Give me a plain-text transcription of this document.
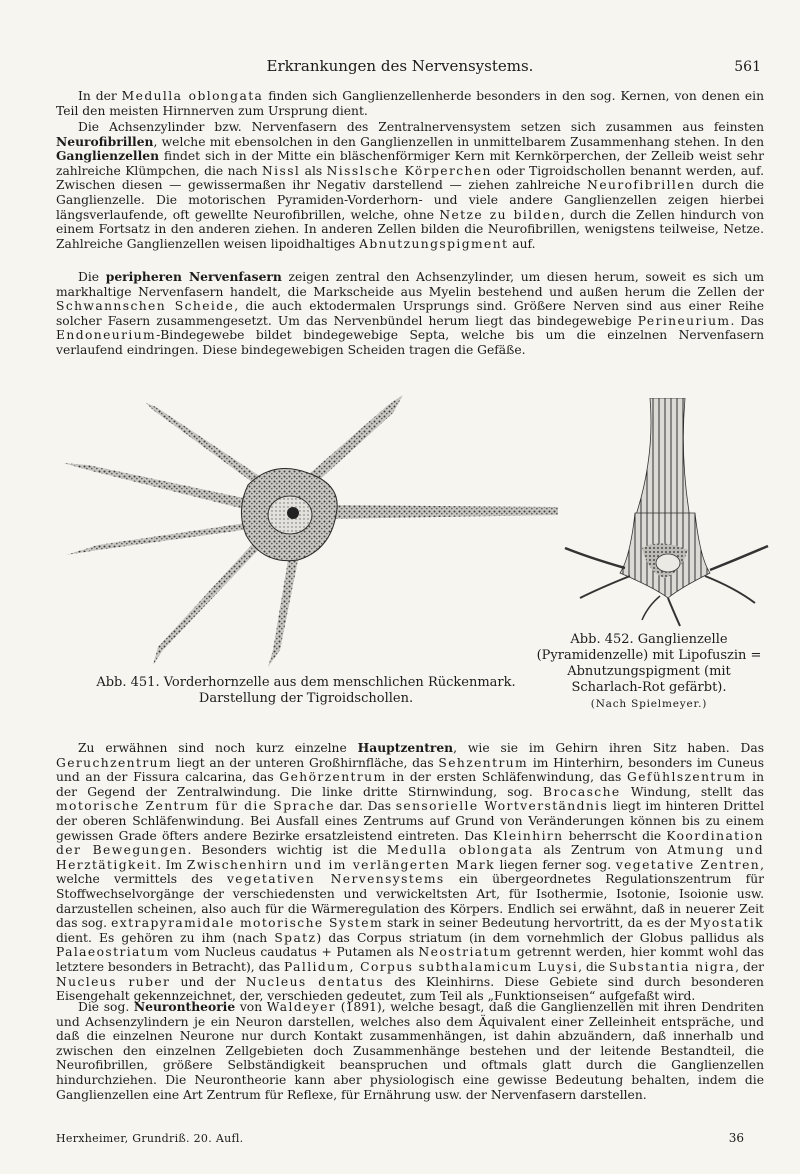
Erkrankungen des Nervensystems.	561

In der Medulla oblongata finden sich Ganglienzellenherde besonders in den sog. Kernen, von denen ein Teil den meisten Hirnnerven zum Ursprung dient.

Die Achsenzylinder bzw. Nervenfasern des Zentralnervensystem setzen sich zusammen aus feinsten Neurofibrillen, welche mit ebensolchen in den Ganglienzellen in unmittelbarem Zusammenhang stehen. In den Ganglienzellen findet sich in der Mitte ein bläschenförmiger Kern mit Kernkörperchen, der Zelleib weist sehr zahlreiche Klümpchen, die nach Nissl als Nisslsche Körperchen oder Tigroidschollen benannt werden, auf. Zwischen diesen — gewissermaßen ihr Negativ darstellend — ziehen zahlreiche Neurofibrillen durch die Ganglienzelle. Die motorischen Pyramiden-Vorderhorn- und viele andere Ganglienzellen zeigen hierbei längsverlaufende, oft gewellte Neurofibrillen, welche, ohne Netze zu bilden, durch die Zellen hindurch von einem Fortsatz in den anderen ziehen. In anderen Zellen bilden die Neurofibrillen, wenigstens teilweise, Netze. Zahlreiche Ganglienzellen weisen lipoidhaltiges Abnutzungspigment auf.

Die peripheren Nervenfasern zeigen zentral den Achsenzylinder, um diesen herum, soweit es sich um markhaltige Nervenfasern handelt, die Markscheide aus Myelin bestehend und außen herum die Zellen der Schwannschen Scheide, die auch ektodermalen Ursprungs sind. Größere Nerven sind aus einer Reihe solcher Fasern zusammengesetzt. Um das Nervenbündel herum liegt das bindegewebige Perineurium. Das Endoneurium-Bindegewebe bildet bindegewebige Septa, welche bis um die einzelnen Nervenfasern verlaufend eindringen. Diese bindegewebigen Scheiden tragen die Gefäße.

Abb. 451. Vorderhornzelle aus dem menschlichen Rückenmark. Darstellung der Tigroidschollen.
Abb. 452. Ganglienzelle (Pyramidenzelle) mit Lipofuszin = Abnutzungspigment (mit Scharlach-Rot gefärbt).
(Nach Spielmeyer.)

Zu erwähnen sind noch kurz einzelne Hauptzentren, wie sie im Gehirn ihren Sitz haben. Das Geruchzentrum liegt an der unteren Großhirnfläche, das Sehzentrum im Hinterhirn, besonders im Cuneus und an der Fissura calcarina, das Gehörzentrum in der ersten Schläfenwindung, das Gefühlszentrum in der Gegend der Zentralwindung. Die linke dritte Stirnwindung, sog. Brocasche Windung, stellt das motorische Zentrum für die Sprache dar. Das sensorielle Wortverständnis liegt im hinteren Drittel der oberen Schläfenwindung. Bei Ausfall eines Zentrums auf Grund von Veränderungen können bis zu einem gewissen Grade öfters andere Bezirke ersatzleistend eintreten. Das Kleinhirn beherrscht die Koordination der Bewegungen. Besonders wichtig ist die Medulla oblongata als Zentrum von Atmung und Herztätigkeit. Im Zwischenhirn und im verlängerten Mark liegen ferner sog. vegetative Zentren, welche vermittels des vegetativen Nervensystems ein übergeordnetes Regulationszentrum für Stoffwechselvorgänge der verschiedensten und verwickeltsten Art, für Isothermie, Isotonie, Isoionie usw. darzustellen scheinen, also auch für die Wärmeregulation des Körpers. Endlich sei erwähnt, daß in neuerer Zeit das sog. extrapyramidale motorische System stark in seiner Bedeutung hervortritt, da es der Myostatik dient. Es gehören zu ihm (nach Spatz) das Corpus striatum (in dem vornehmlich der Globus pallidus als Palaeostriatum vom Nucleus caudatus + Putamen als Neostriatum getrennt werden, hier kommt wohl das letztere besonders in Betracht), das Pallidum, Corpus subthalamicum Luysi, die Substantia nigra, der Nucleus ruber und der Nucleus dentatus des Kleinhirns. Diese Gebiete sind durch besonderen Eisengehalt gekennzeichnet, der, verschieden gedeutet, zum Teil als „Funktionseisen“ aufgefaßt wird.

Die sog. Neurontheorie von Waldeyer (1891), welche besagt, daß die Ganglienzellen mit ihren Dendriten und Achsenzylindern je ein Neuron darstellen, welches also dem Äquivalent einer Zelleinheit entspräche, und daß die einzelnen Neurone nur durch Kontakt zusammenhängen, ist dahin abzuändern, daß innerhalb und zwischen den einzelnen Zellgebieten doch Zusammenhänge bestehen und der leitende Bestandteil, die Neurofibrillen, größere Selbständigkeit beanspruchen und oftmals glatt durch die Ganglienzellen hindurchziehen. Die Neurontheorie kann aber physiologisch eine gewisse Bedeutung behalten, indem die Ganglienzellen eine Art Zentrum für Reflexe, für Ernährung usw. der Nervenfasern darstellen.

Herxheimer, Grundriß. 20. Aufl.	36
